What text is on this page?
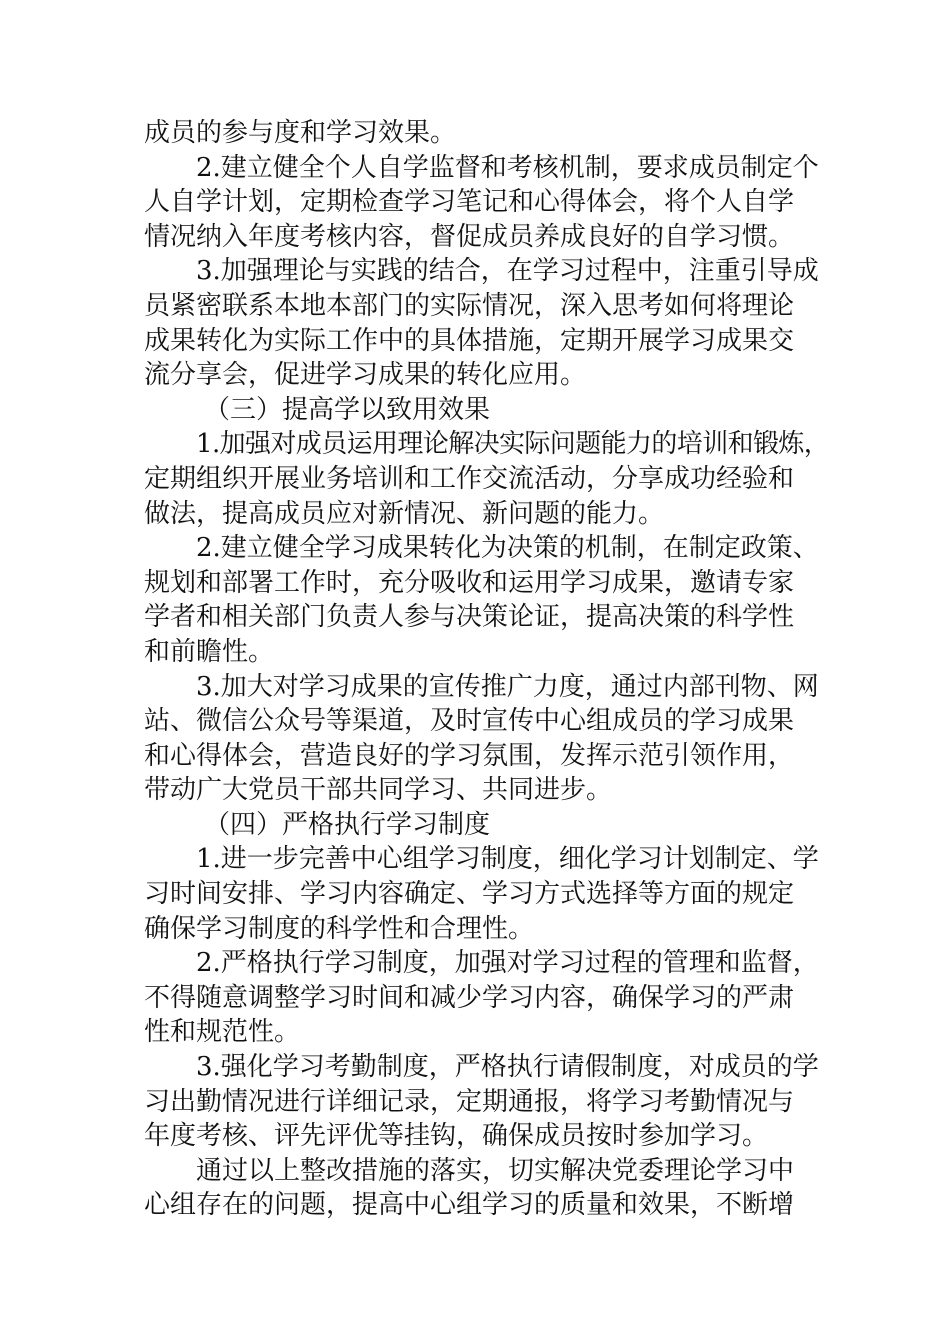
成员的参与度和学习效果。
2.建立健全个人自学监督和考核机制，要求成员制定个
人自学计划，定期检查学习笔记和心得体会，将个人自学
情况纳入年度考核内容，督促成员养成良好的自学习惯。
3.加强理论与实践的结合，在学习过程中，注重引导成
员紧密联系本地本部门的实际情况，深入思考如何将理论
成果转化为实际工作中的具体措施，定期开展学习成果交
流分享会，促进学习成果的转化应用。
（三）提高学以致用效果
1.加强对成员运用理论解决实际问题能力的培训和锻炼，
定期组织开展业务培训和工作交流活动，分享成功经验和
做法，提高成员应对新情况、新问题的能力。
2.建立健全学习成果转化为决策的机制，在制定政策、
规划和部署工作时，充分吸收和运用学习成果，邀请专家
学者和相关部门负责人参与决策论证，提高决策的科学性
和前瞻性。
3.加大对学习成果的宣传推广力度，通过内部刊物、网
站、微信公众号等渠道，及时宣传中心组成员的学习成果
和心得体会，营造良好的学习氛围，发挥示范引领作用，
带动广大党员干部共同学习、共同进步。
（四）严格执行学习制度
1.进一步完善中心组学习制度，细化学习计划制定、学
习时间安排、学习内容确定、学习方式选择等方面的规定
确保学习制度的科学性和合理性。
2.严格执行学习制度，加强对学习过程的管理和监督，
不得随意调整学习时间和减少学习内容，确保学习的严肃
性和规范性。
3.强化学习考勤制度，严格执行请假制度，对成员的学
习出勤情况进行详细记录，定期通报，将学习考勤情况与
年度考核、评先评优等挂钩，确保成员按时参加学习。
通过以上整改措施的落实，切实解决党委理论学习中
心组存在的问题，提高中心组学习的质量和效果，不断增
